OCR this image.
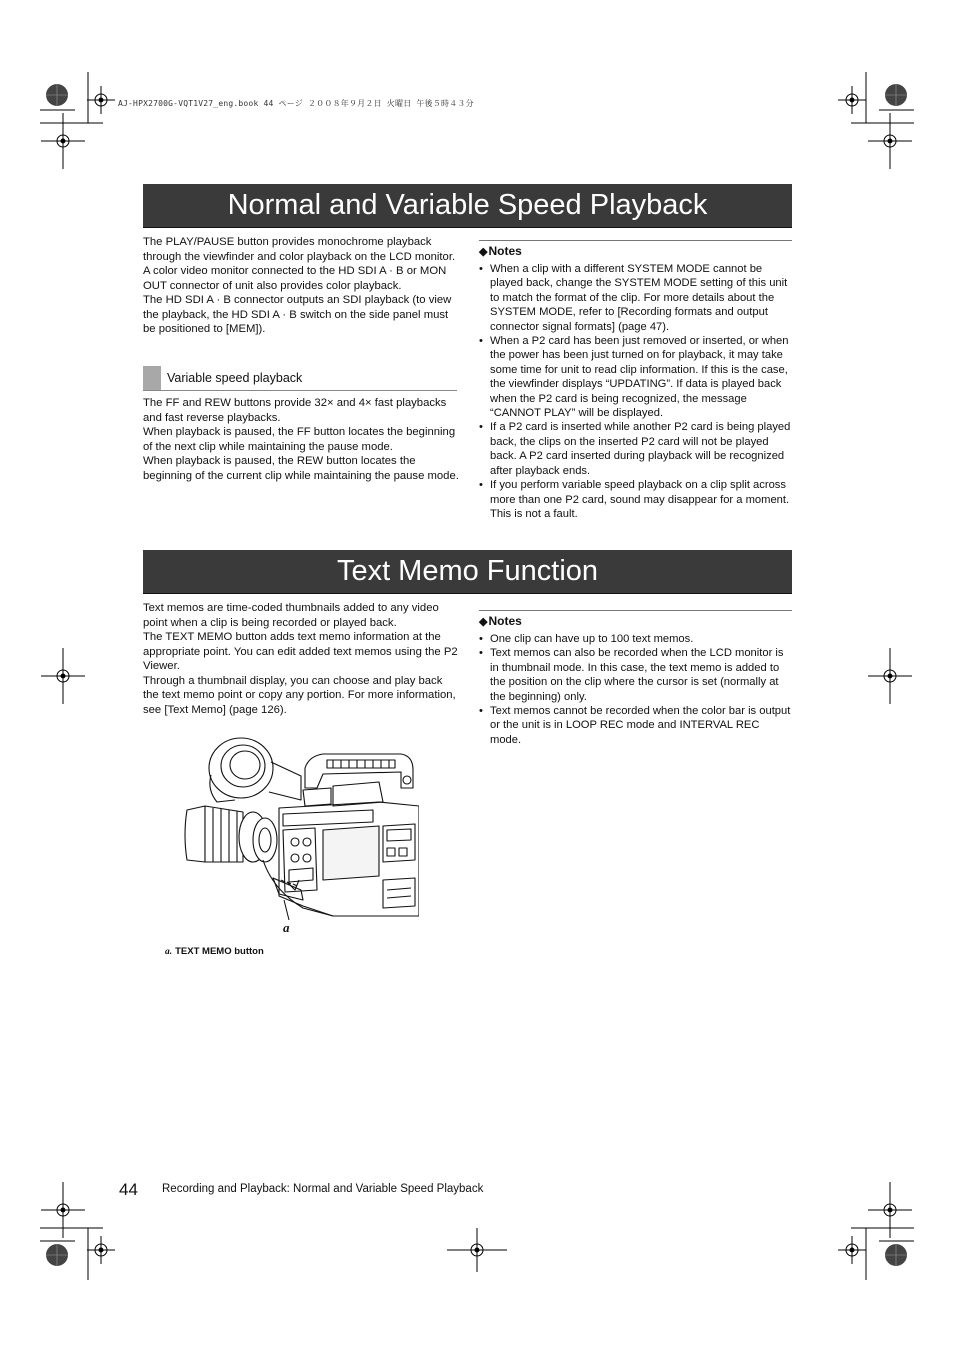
AJ-HPX2700G-VQT1V27_eng.book 44 ページ ２００８年９月２日 火曜日 午後５時４３分
Normal and Variable Speed Playback

The PLAY/PAUSE button provides monochrome playback through the viewfinder and color playback on the LCD monitor. A color video monitor connected to the HD SDI A · B or MON OUT connector of unit also provides color playback.

The HD SDI A · B connector outputs an SDI playback (to view the playback, the HD SDI A · B switch on the side panel must be positioned to [MEM]).

Variable speed playback

The FF and REW buttons provide 32× and 4× fast playbacks and fast reverse playbacks.

When playback is paused, the FF button locates the beginning of the next clip while maintaining the pause mode.

When playback is paused, the REW button locates the beginning of the current clip while maintaining the pause mode.

◆Notes
• When a clip with a different SYSTEM MODE cannot be played back, change the SYSTEM MODE setting of this unit to match the format of the clip. For more details about the SYSTEM MODE, refer to [Recording formats and output connector signal formats] (page 47).
• When a P2 card has been just removed or inserted, or when the power has been just turned on for playback, it may take some time for unit to read clip information. If this is the case, the viewfinder displays “UPDATING”. If data is played back when the P2 card is being recognized, the message “CANNOT PLAY” will be displayed.
• If a P2 card is inserted while another P2 card is being played back, the clips on the inserted P2 card will not be played back. A P2 card inserted during playback will be recognized after playback ends.
• If you perform variable speed playback on a clip split across more than one P2 card, sound may disappear for a moment. This is not a fault.
Text Memo Function

Text memos are time-coded thumbnails added to any video point when a clip is being recorded or played back.

The TEXT MEMO button adds text memo information at the appropriate point. You can edit added text memos using the P2 Viewer.

Through a thumbnail display, you can choose and play back the text memo point or copy any portion. For more information, see [Text Memo] (page 126).

◆Notes
• One clip can have up to 100 text memos.
• Text memos can also be recorded when the LCD monitor is in thumbnail mode. In this case, the text memo is added to the position on the clip where the cursor is set (normally at the beginning) only.
• Text memos cannot be recorded when the color bar is output or the unit is in LOOP REC mode and INTERVAL REC mode.
a
a. TEXT MEMO button
44 Recording and Playback: Normal and Variable Speed Playback
